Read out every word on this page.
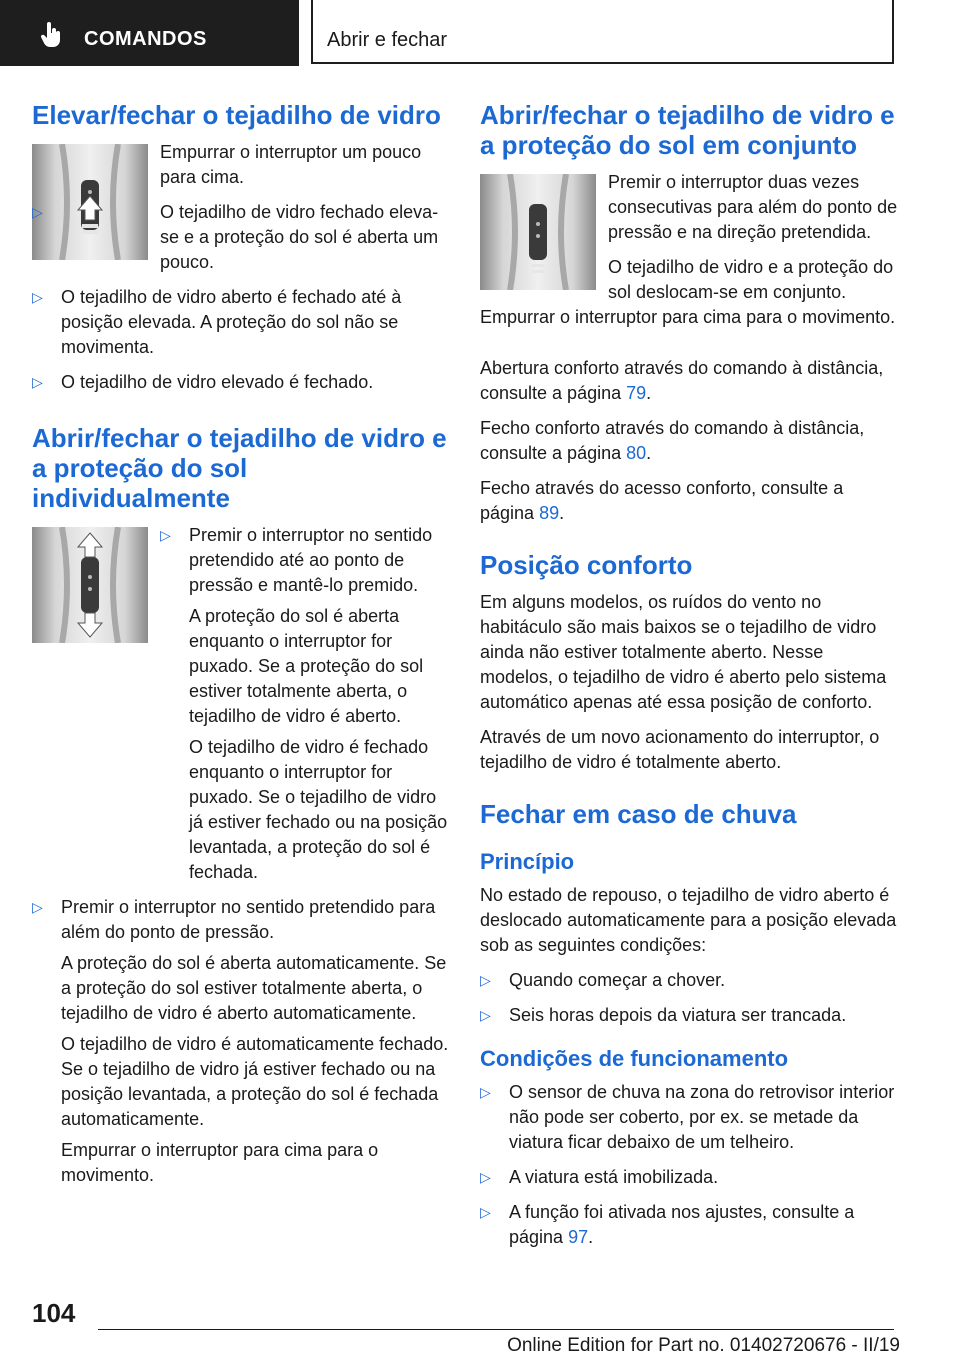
COMANDOS	Abrir e fechar
Elevar/fechar o tejadilho de vidro

Empurrar o interruptor um pouco para cima.

▷	O tejadilho de vidro fechado eleva-se e a proteção do sol é aberta um pouco.
▷ O tejadilho de vidro aberto é fechado até à posição elevada. A proteção do sol não se movimenta.
▷ O tejadilho de vidro elevado é fechado.
Abrir/fechar o tejadilho de vidro e a proteção do sol individualmente
▷ Premir o interruptor no sentido pretendido até ao ponto de pressão e mantê-lo premido.

A proteção do sol é aberta enquanto o interruptor for puxado. Se a proteção do sol estiver totalmente aberta, o tejadilho de vidro é aberto.

O tejadilho de vidro é fechado enquanto o interruptor for puxado. Se o tejadilho de vidro já estiver fechado ou na posição levantada, a proteção do sol é fechada.

▷ Premir o interruptor no sentido pretendido para além do ponto de pressão.

A proteção do sol é aberta automaticamente. Se a proteção do sol estiver totalmente aberta, o tejadilho de vidro é aberto automaticamente.

O tejadilho de vidro é automaticamente fechado. Se o tejadilho de vidro já estiver fechado ou na posição levantada, a proteção do sol é fechada automaticamente.

Empurrar o interruptor para cima para o movimento.

Abrir/fechar o tejadilho de vidro e a proteção do sol em conjunto

Premir o interruptor duas vezes consecutivas para além do ponto de pressão e na direção pretendida.

O tejadilho de vidro e a proteção do sol deslocam-se em conjunto. Empurrar o interruptor para cima para o movimento.

Abertura conforto através do comando à distância, consulte a página 79.

Fecho conforto através do comando à distância, consulte a página 80.

Fecho através do acesso conforto, consulte a página 89.

Posição conforto

Em alguns modelos, os ruídos do vento no habitáculo são mais baixos se o tejadilho de vidro ainda não estiver totalmente aberto. Nesse modelos, o tejadilho de vidro é aberto pelo sistema automático apenas até essa posição de conforto.

Através de um novo acionamento do interruptor, o tejadilho de vidro é totalmente aberto.

Fechar em caso de chuva
Princípio

No estado de repouso, o tejadilho de vidro aberto é deslocado automaticamente para a posição elevada sob as seguintes condições:

▷ Quando começar a chover.
▷ Seis horas depois da viatura ser trancada.
Condições de funcionamento
▷ O sensor de chuva na zona do retrovisor interior não pode ser coberto, por ex. se metade da viatura ficar debaixo de um telheiro.
▷ A viatura está imobilizada.
▷ A função foi ativada nos ajustes, consulte a página 97.
104
Online Edition for Part no. 01402720676 - II/19
